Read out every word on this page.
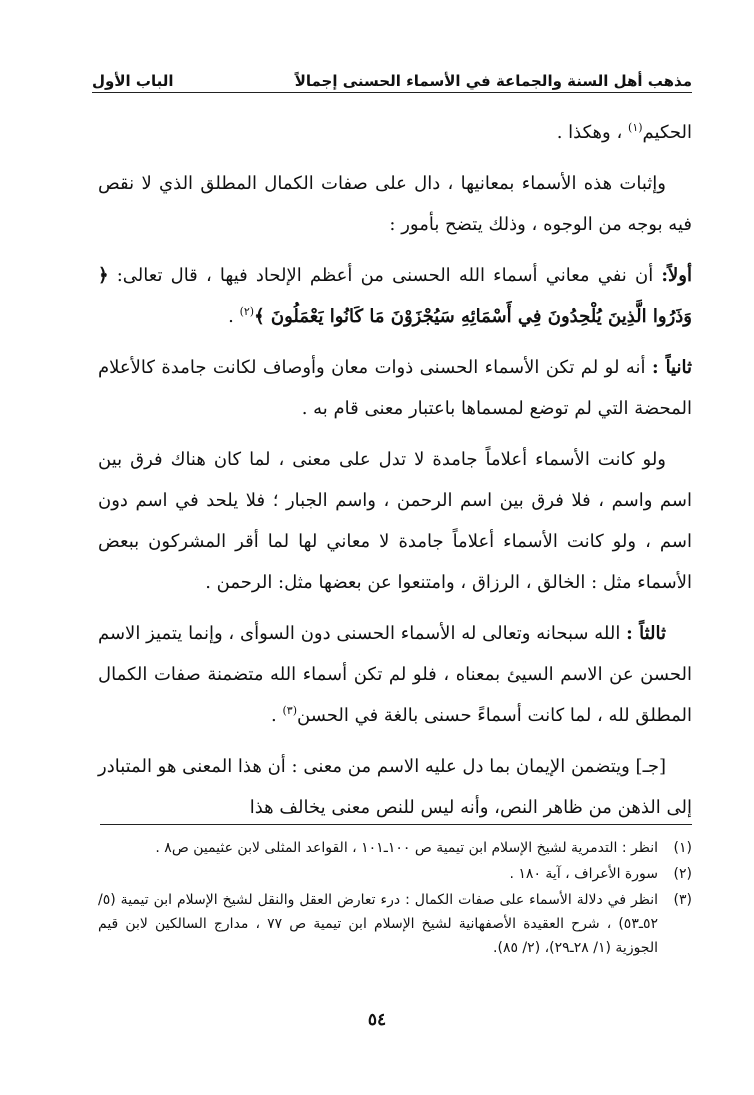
مذهب أهل السنة والجماعة في الأسماء الحسنى إجمالاً
الباب الأول

الحكيم$^{(١)}$ ، وهكذا .

وإثبات هذه الأسماء بمعانيها ، دال على صفات الكمال المطلق الذي لا نقص فيه بوجه من الوجوه ، وذلك يتضح بأمور :

أولاً: أن نفي معاني أسماء الله الحسنى من أعظم الإلحاد فيها ، قال تعالى: ﴿ وَذَرُوا الَّذِينَ يُلْحِدُونَ فِي أَسْمَائِهِ سَيُجْزَوْنَ مَا كَانُوا يَعْمَلُونَ ﴾$^{(٢)}$ .

ثانياً : أنه لو لم تكن الأسماء الحسنى ذوات معان وأوصاف لكانت جامدة كالأعلام المحضة التي لم توضع لمسماها باعتبار معنى قام به .

ولو كانت الأسماء أعلاماً جامدة لا تدل على معنى ، لما كان هناك فرق بين اسم واسم ، فلا فرق بين اسم الرحمن ، واسم الجبار ؛ فلا يلحد في اسم دون اسم ، ولو كانت الأسماء أعلاماً جامدة لا معاني لها لما أقر المشركون ببعض الأسماء مثل : الخالق ، الرزاق ، وامتنعوا عن بعضها مثل: الرحمن .

ثالثاً : الله سبحانه وتعالى له الأسماء الحسنى دون السوأى ، وإنما يتميز الاسم الحسن عن الاسم السيئ بمعناه ، فلو لم تكن أسماء الله متضمنة صفات الكمال المطلق لله ، لما كانت أسماءً حسنى بالغة في الحسن$^{(٣)}$ .

[جـ] ويتضمن الإيمان بما دل عليه الاسم من معنى : أن هذا المعنى هو المتبادر إلى الذهن من ظاهر النص، وأنه ليس للنص معنى يخالف هذا

(١)
انظر : التدمرية لشيخ الإسلام ابن تيمية ص ١٠٠ـ١٠١ ، القواعد المثلى لابن عثيمين ص٨ .
(٢)
سورة الأعراف ، آية ١٨٠ .
(٣)
انظر في دلالة الأسماء على صفات الكمال : درء تعارض العقل والنقل لشيخ الإسلام ابن تيمية (٥/ ٥٢ـ٥٣) ، شرح العقيدة الأصفهانية لشيخ الإسلام ابن تيمية ص ٧٧ ، مدارج السالكين لابن قيم الجوزية (١/ ٢٨ـ٢٩)، (٢/ ٨٥).
٥٤
